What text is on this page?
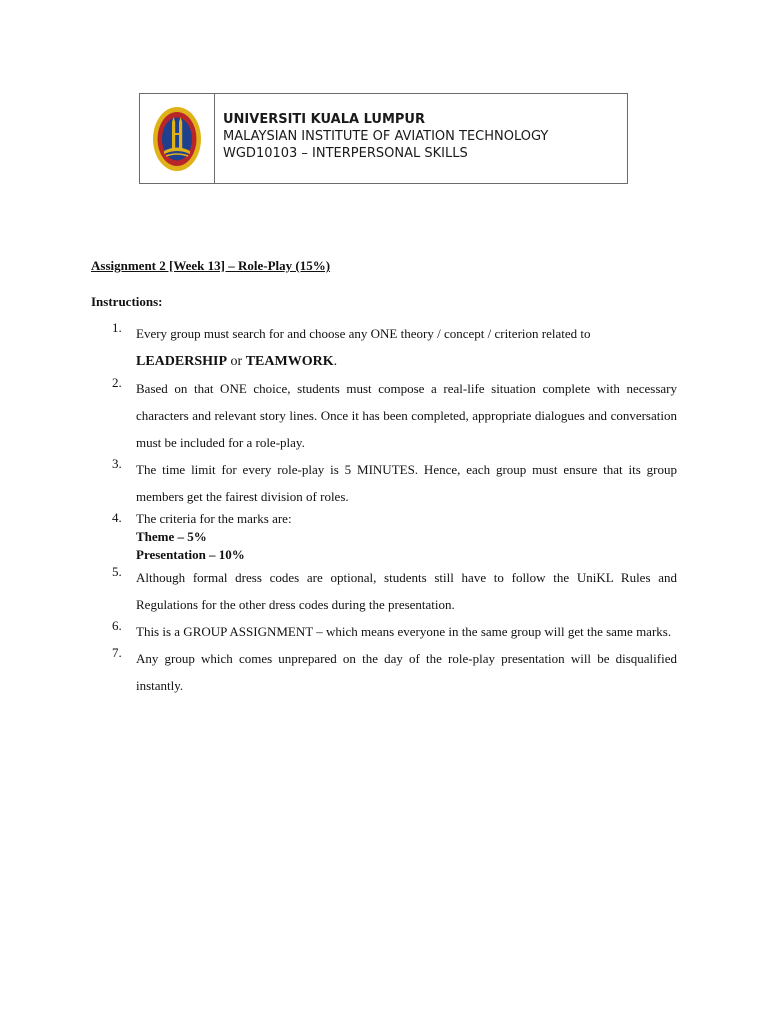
UNIVERSITI KUALA LUMPUR
MALAYSIAN INSTITUTE OF AVIATION TECHNOLOGY
WGD10103 – INTERPERSONAL SKILLS
Assignment 2 [Week 13] – Role-Play (15%)
Instructions:
1. Every group must search for and choose any ONE theory / concept / criterion related to
LEADERSHIP or TEAMWORK.
2. Based on that ONE choice, students must compose a real-life situation complete with necessary characters and relevant story lines. Once it has been completed, appropriate dialogues and conversation must be included for a role-play.
3. The time limit for every role-play is 5 MINUTES. Hence, each group must ensure that its group members get the fairest division of roles.
4. The criteria for the marks are:
Theme – 5%
Presentation – 10%
5. Although formal dress codes are optional, students still have to follow the UniKL Rules and Regulations for the other dress codes during the presentation.
6. This is a GROUP ASSIGNMENT – which means everyone in the same group will get the same marks.
7. Any group which comes unprepared on the day of the role-play presentation will be disqualified instantly.
